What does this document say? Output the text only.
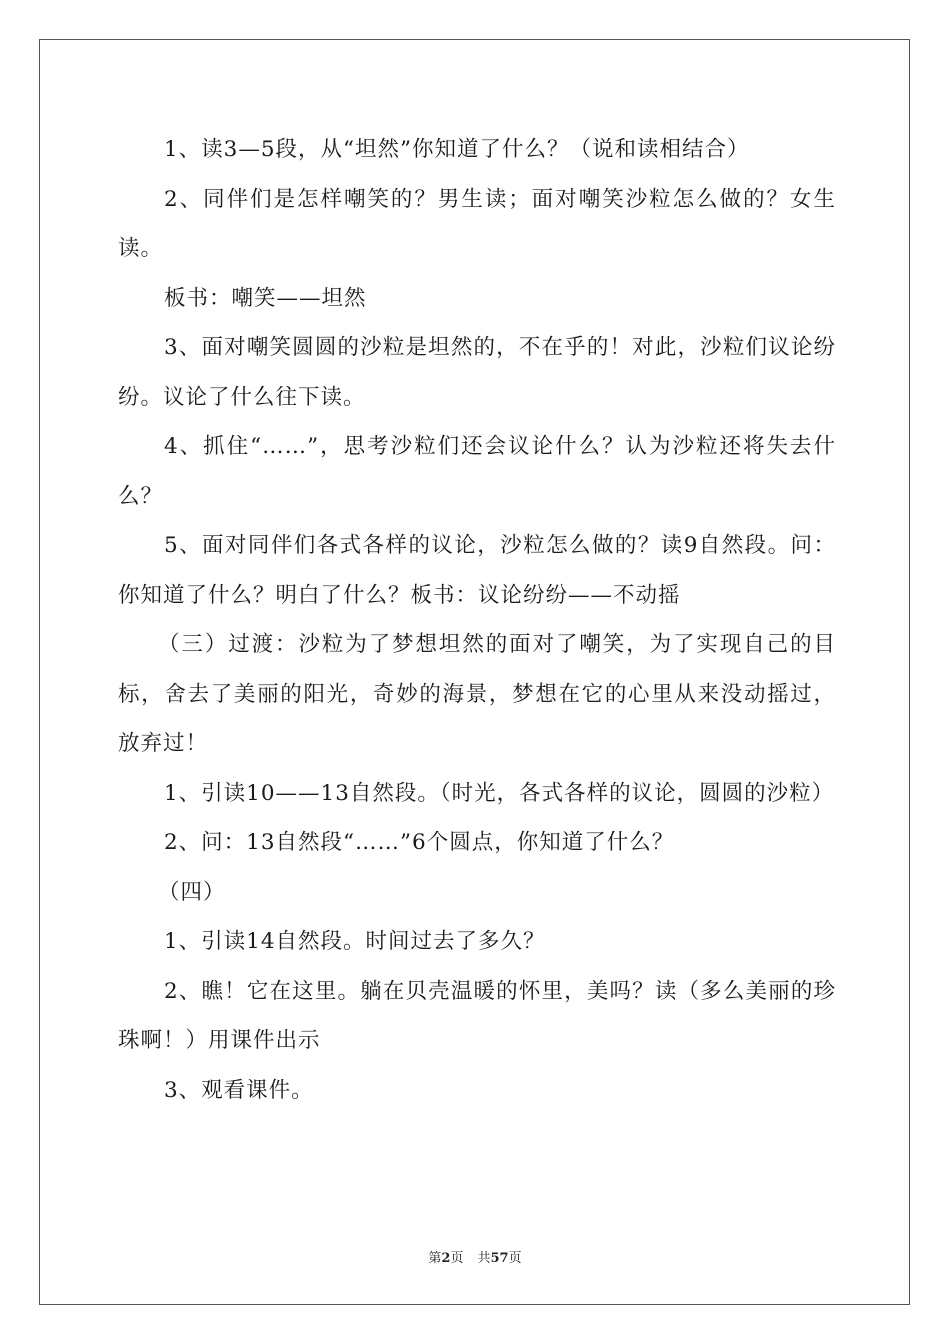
1、读3—5段，从“坦然”你知道了什么？（说和读相结合）

2、同伴们是怎样嘲笑的？男生读；面对嘲笑沙粒怎么做的？女生读。

板书：嘲笑——坦然

3、面对嘲笑圆圆的沙粒是坦然的，不在乎的！对此，沙粒们议论纷纷。议论了什么往下读。

4、抓住“……”，思考沙粒们还会议论什么？认为沙粒还将失去什么？

5、面对同伴们各式各样的议论，沙粒怎么做的？读9自然段。问：你知道了什么？明白了什么？板书：议论纷纷——不动摇

（三）过渡：沙粒为了梦想坦然的面对了嘲笑，为了实现自己的目标，舍去了美丽的阳光，奇妙的海景，梦想在它的心里从来没动摇过，放弃过！

1、引读10——13自然段。（时光，各式各样的议论，圆圆的沙粒）

2、问：13自然段“……”6个圆点，你知道了什么？

（四）

1、引读14自然段。时间过去了多久？

2、瞧！它在这里。躺在贝壳温暖的怀里，美吗？读（多么美丽的珍珠啊！）用课件出示

3、观看课件。

第2页 共57页
